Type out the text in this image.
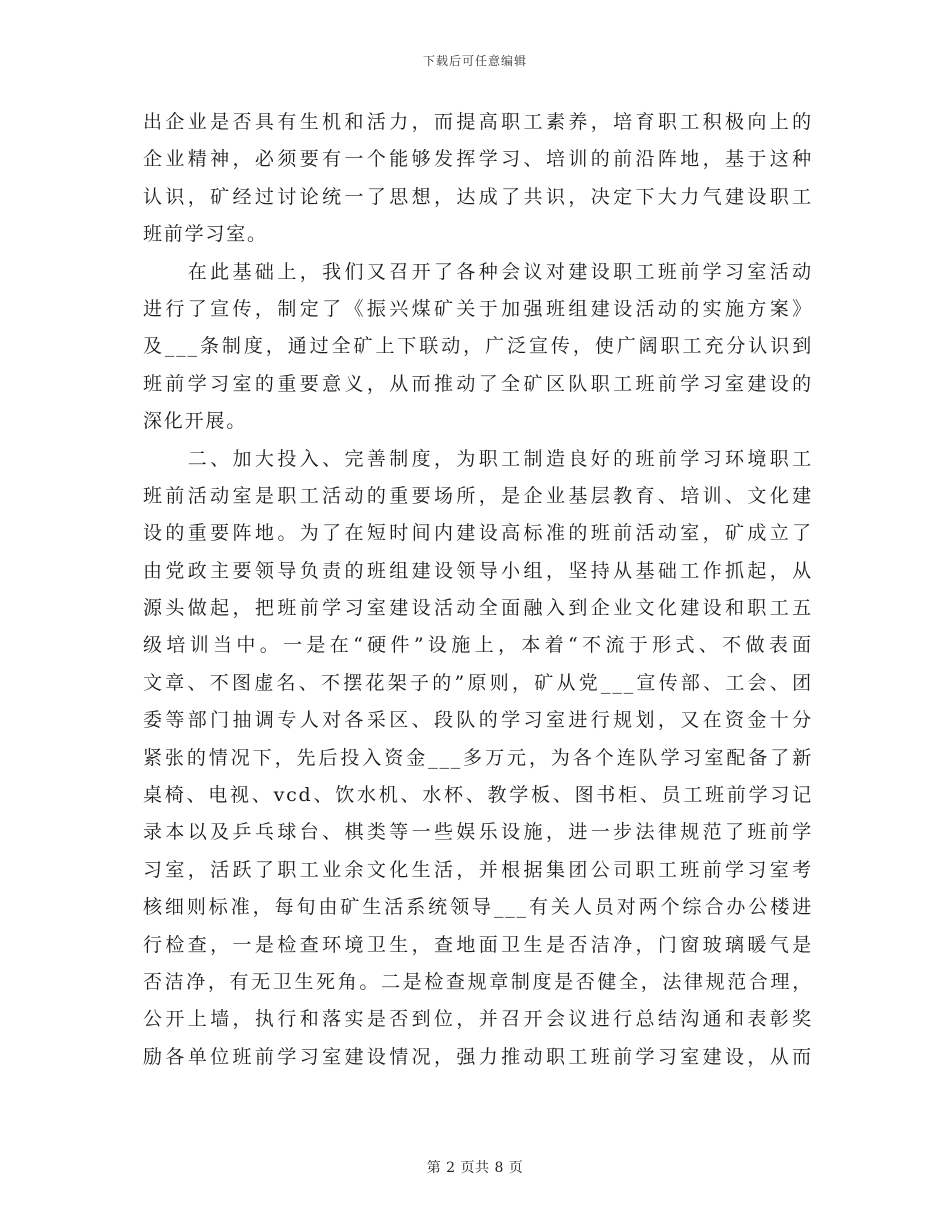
下载后可任意编辑
出企业是否具有生机和活力，而提高职工素养，培育职工积极向上的
企业精神，必须要有一个能够发挥学习、培训的前沿阵地，基于这种
认识，矿经过讨论统一了思想，达成了共识，决定下大力气建设职工
班前学习室。
　　在此基础上，我们又召开了各种会议对建设职工班前学习室活动
进行了宣传，制定了《振兴煤矿关于加强班组建设活动的实施方案》
及___条制度，通过全矿上下联动，广泛宣传，使广阔职工充分认识到
班前学习室的重要意义，从而推动了全矿区队职工班前学习室建设的
深化开展。
　　二、加大投入、完善制度，为职工制造良好的班前学习环境职工
班前活动室是职工活动的重要场所，是企业基层教育、培训、文化建
设的重要阵地。为了在短时间内建设高标准的班前活动室，矿成立了
由党政主要领导负责的班组建设领导小组，坚持从基础工作抓起，从
源头做起，把班前学习室建设活动全面融入到企业文化建设和职工五
级培训当中。一是在“硬件”设施上，本着“不流于形式、不做表面
文章、不图虚名、不摆花架子的”原则，矿从党___宣传部、工会、团
委等部门抽调专人对各采区、段队的学习室进行规划，又在资金十分
紧张的情况下，先后投入资金___多万元，为各个连队学习室配备了新
桌椅、电视、vcd、饮水机、水杯、教学板、图书柜、员工班前学习记
录本以及乒乓球台、棋类等一些娱乐设施，进一步法律规范了班前学
习室，活跃了职工业余文化生活，并根据集团公司职工班前学习室考
核细则标准，每旬由矿生活系统领导___有关人员对两个综合办公楼进
行检查，一是检查环境卫生，查地面卫生是否洁净，门窗玻璃暖气是
否洁净，有无卫生死角。二是检查规章制度是否健全，法律规范合理，
公开上墙，执行和落实是否到位，并召开会议进行总结沟通和表彰奖
励各单位班前学习室建设情况，强力推动职工班前学习室建设，从而
第 2 页共 8 页
